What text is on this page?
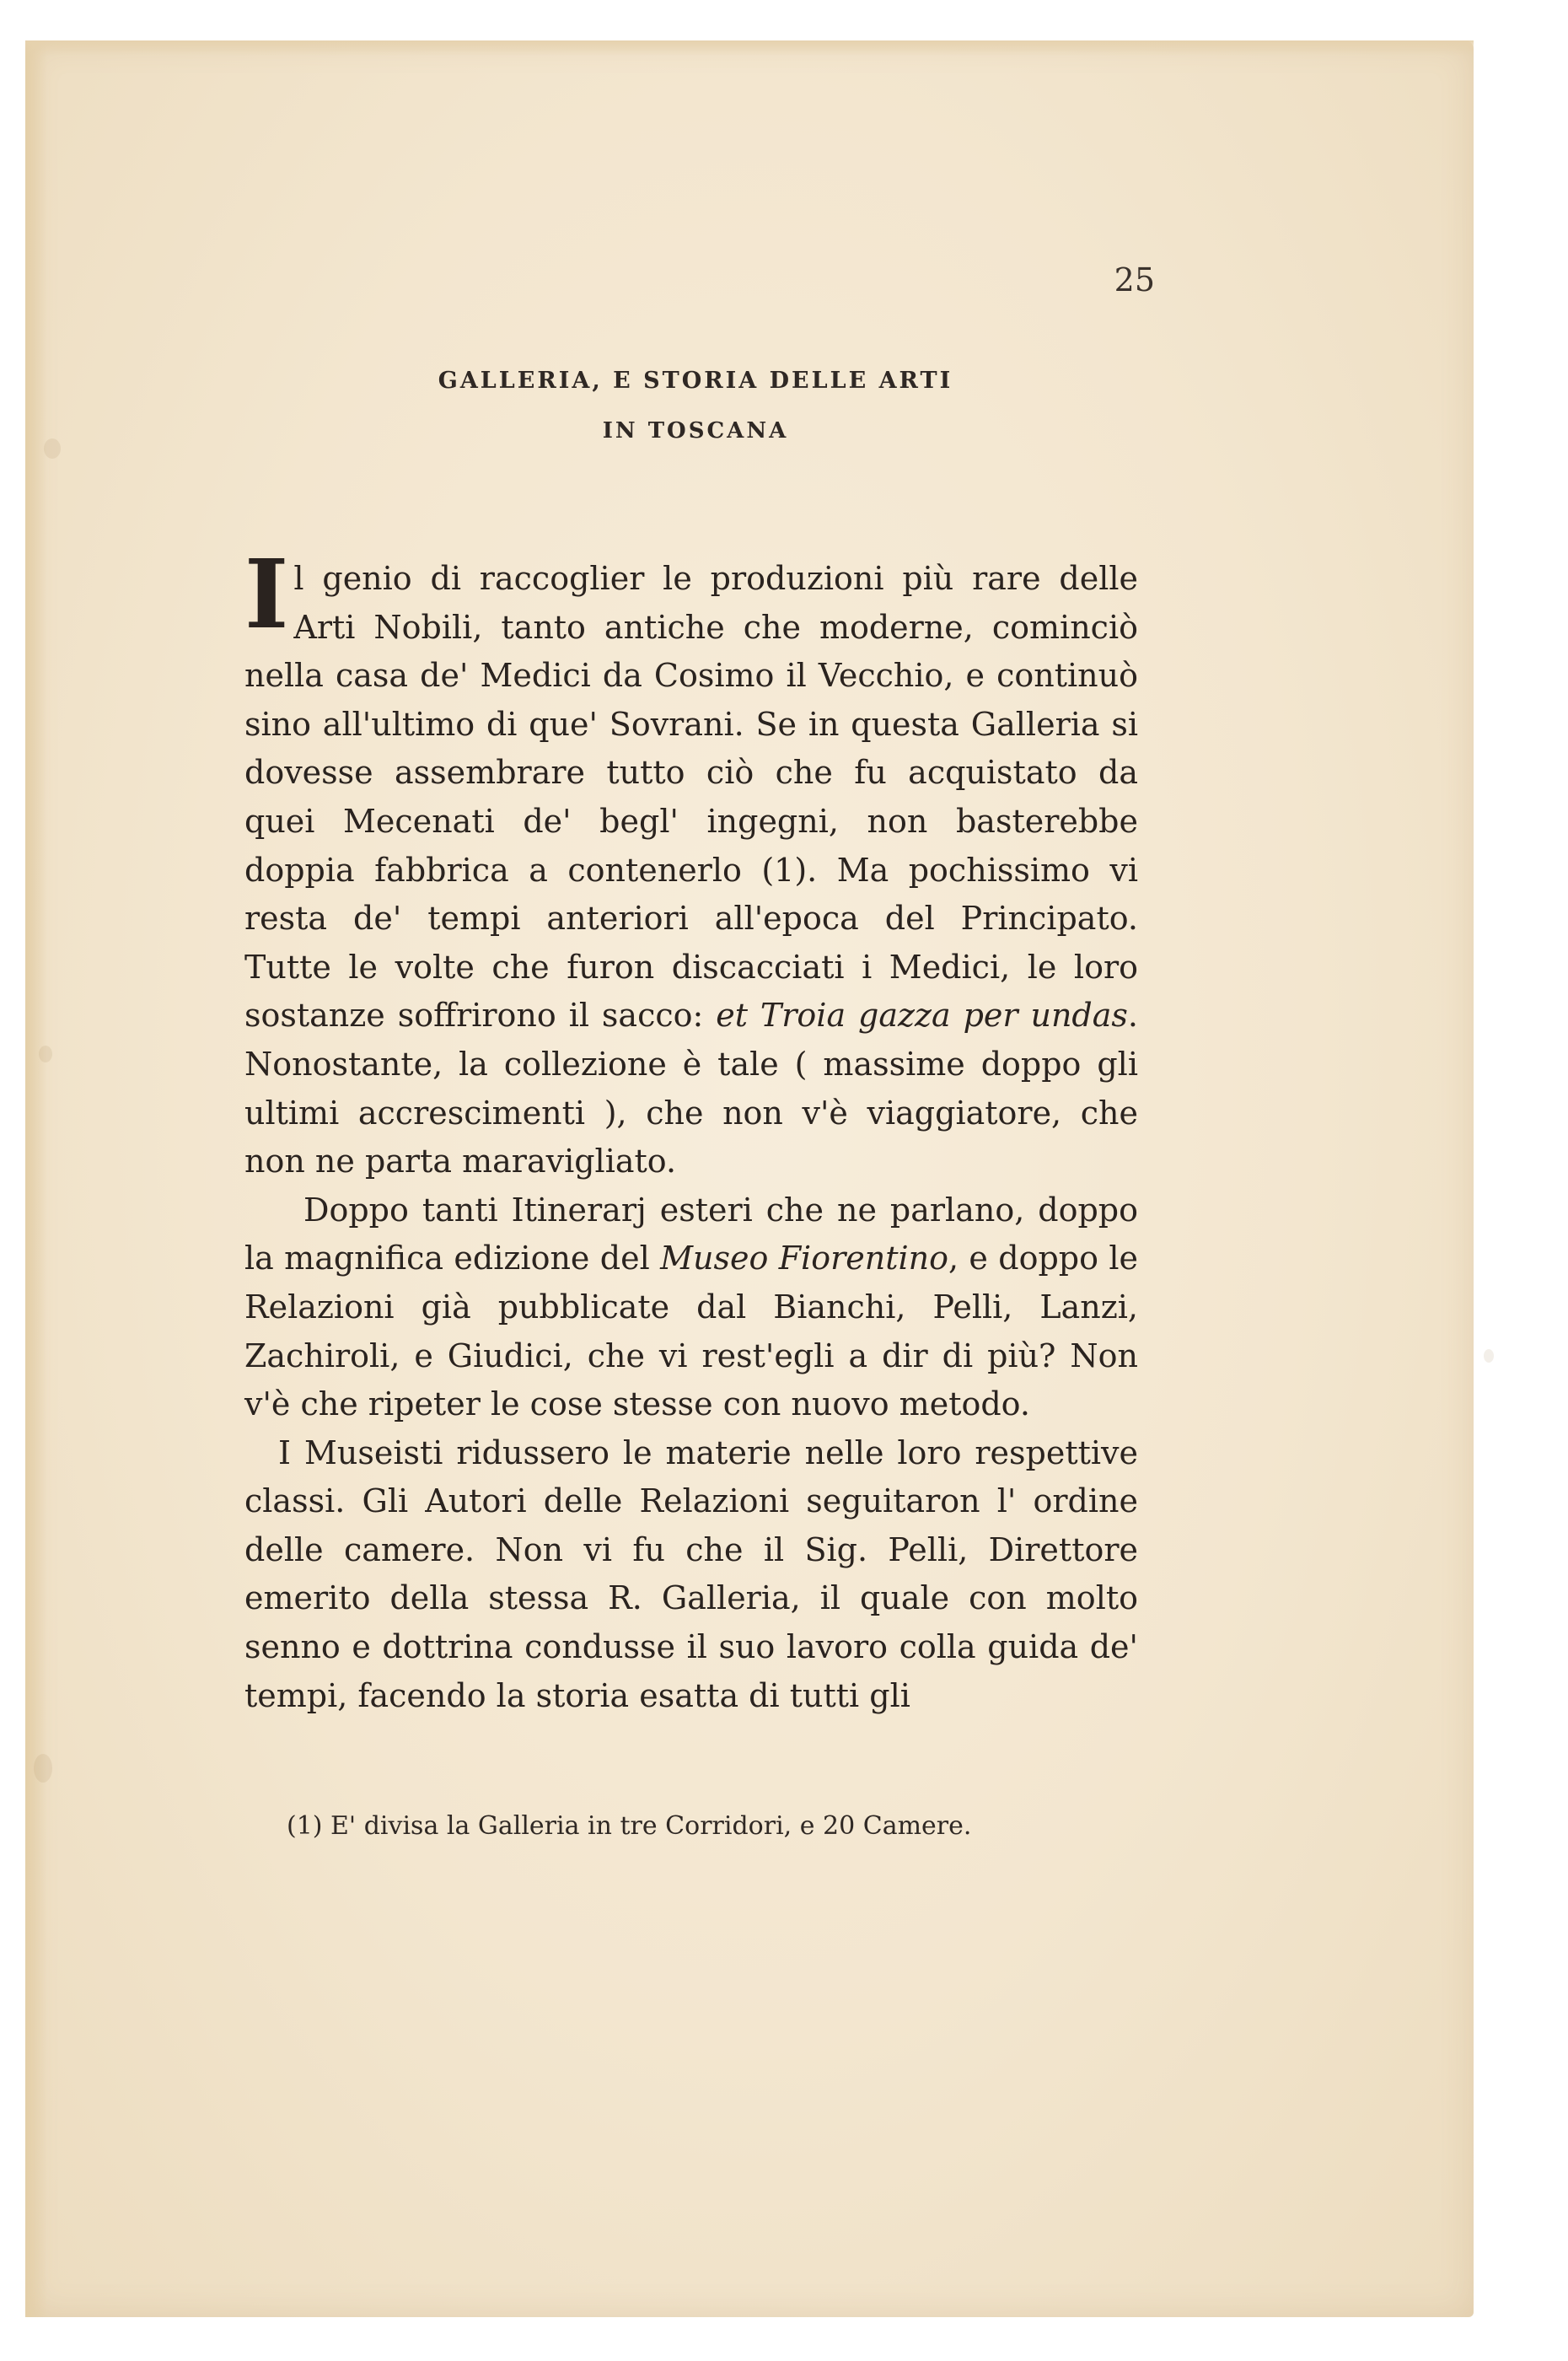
25
GALLERIA, E STORIA DELLE ARTI
IN TOSCANA

Il genio di raccoglier le produzioni più rare delle Arti Nobili, tanto antiche che moderne, cominciò nella casa de' Medici da Cosimo il Vecchio, e continuò sino all'ultimo di que' Sovrani. Se in questa Galleria si dovesse assembrare tutto ciò che fu acquistato da quei Mecenati de' begl' ingegni, non basterebbe doppia fabbrica a contenerlo (1). Ma pochissimo vi resta de' tempi anteriori all'epoca del Principato. Tutte le volte che furon discacciati i Medici, le loro sostanze soffrirono il sacco: et Troia gazza per undas. Nonostante, la collezione è tale ( massime doppo gli ultimi accrescimenti ), che non v'è viaggiatore, che non ne parta maravigliato.

Doppo tanti Itinerarj esteri che ne parlano, doppo la magnifica edizione del Museo Fiorentino, e doppo le Relazioni già pubblicate dal Bianchi, Pelli, Lanzi, Zachiroli, e Giudici, che vi rest'egli a dir di più? Non v'è che ripeter le cose stesse con nuovo metodo.

I Museisti ridussero le materie nelle loro respettive classi. Gli Autori delle Relazioni seguitaron l' ordine delle camere. Non vi fu che il Sig. Pelli, Direttore emerito della stessa R. Galleria, il quale con molto senno e dottrina condusse il suo lavoro colla guida de' tempi, facendo la storia esatta di tutti gli

(1) E' divisa la Galleria in tre Corridori, e 20 Camere.
